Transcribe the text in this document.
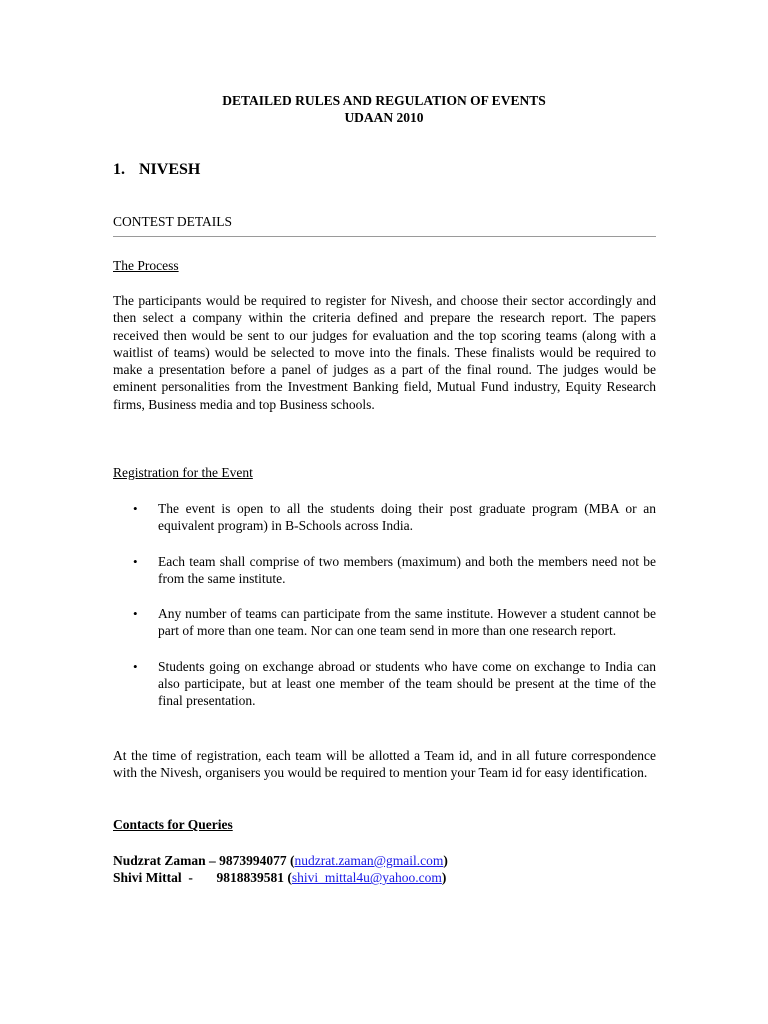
DETAILED RULES AND REGULATION OF EVENTS
UDAAN 2010
1. NIVESH
CONTEST DETAILS
The Process

The participants would be required to register for Nivesh, and choose their sector accordingly and then select a company within the criteria defined and prepare the research report. The papers received then would be sent to our judges for evaluation and the top scoring teams (along with a waitlist of teams) would be selected to move into the finals. These finalists would be required to make a presentation before a panel of judges as a part of the final round. The judges would be eminent personalities from the Investment Banking field, Mutual Fund industry, Equity Research firms, Business media and top Business schools.

Registration for the Event
• The event is open to all the students doing their post graduate program (MBA or an equivalent program) in B-Schools across India.
• Each team shall comprise of two members (maximum) and both the members need not be from the same institute.
• Any number of teams can participate from the same institute. However a student cannot be part of more than one team. Nor can one team send in more than one research report.
• Students going on exchange abroad or students who have come on exchange to India can also participate, but at least one member of the team should be present at the time of the final presentation.

At the time of registration, each team will be allotted a Team id, and in all future correspondence with the Nivesh, organisers you would be required to mention your Team id for easy identification.

Contacts for Queries
Nudzrat Zaman – 9873994077 (nudzrat.zaman@gmail.com)
Shivi Mittal  -       9818839581 (shivi_mittal4u@yahoo.com)
